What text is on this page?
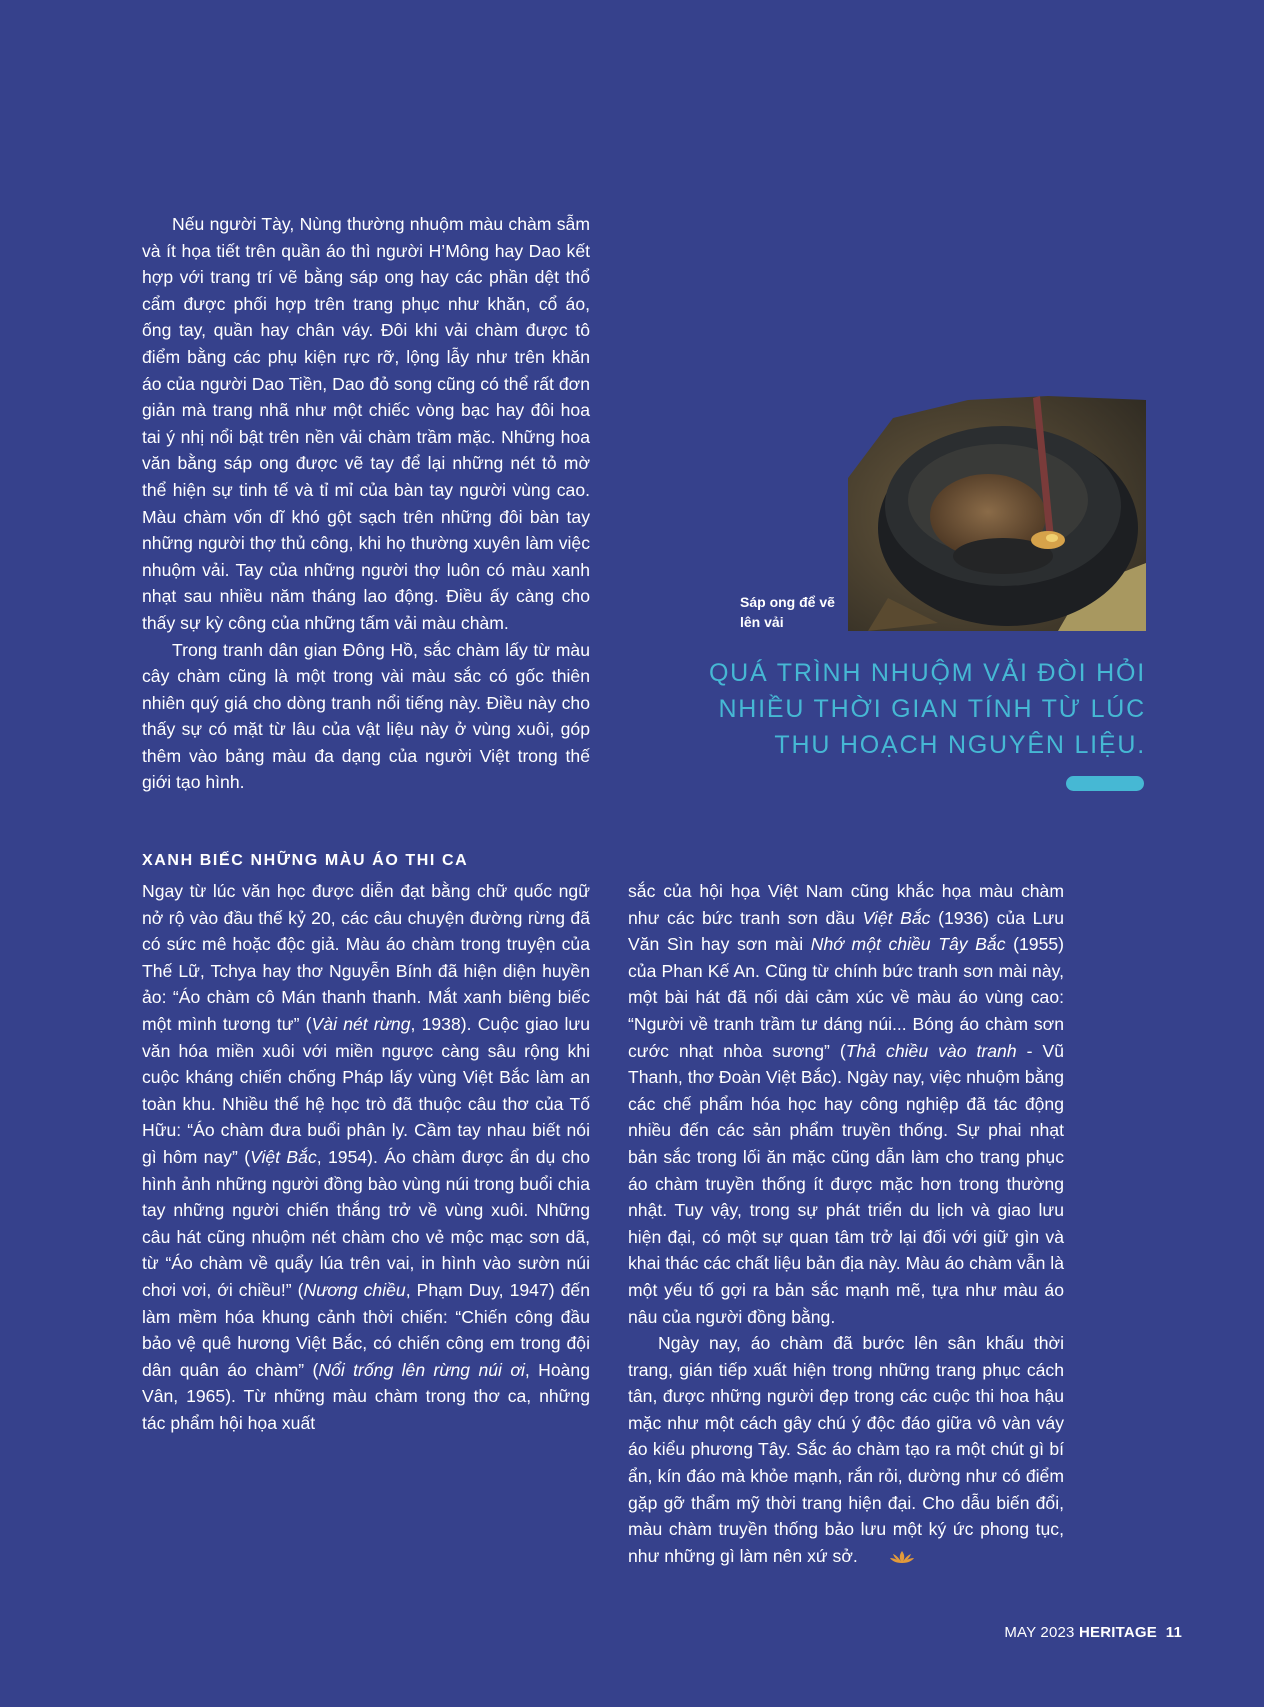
Nếu người Tày, Nùng thường nhuộm màu chàm sẫm và ít họa tiết trên quần áo thì người H’Mông hay Dao kết hợp với trang trí vẽ bằng sáp ong hay các phần dệt thổ cẩm được phối hợp trên trang phục như khăn, cổ áo, ống tay, quần hay chân váy. Đôi khi vải chàm được tô điểm bằng các phụ kiện rực rỡ, lộng lẫy như trên khăn áo của người Dao Tiền, Dao đỏ song cũng có thể rất đơn giản mà trang nhã như một chiếc vòng bạc hay đôi hoa tai ý nhị nổi bật trên nền vải chàm trầm mặc. Những hoa văn bằng sáp ong được vẽ tay để lại những nét tỏ mờ thể hiện sự tinh tế và tỉ mỉ của bàn tay người vùng cao. Màu chàm vốn dĩ khó gột sạch trên những đôi bàn tay những người thợ thủ công, khi họ thường xuyên làm việc nhuộm vải. Tay của những người thợ luôn có màu xanh nhạt sau nhiều năm tháng lao động. Điều ấy càng cho thấy sự kỳ công của những tấm vải màu chàm.

Trong tranh dân gian Đông Hồ, sắc chàm lấy từ màu cây chàm cũng là một trong vài màu sắc có gốc thiên nhiên quý giá cho dòng tranh nổi tiếng này. Điều này cho thấy sự có mặt từ lâu của vật liệu này ở vùng xuôi, góp thêm vào bảng màu đa dạng của người Việt trong thế giới tạo hình.

Sáp ong để vẽ lên vải
QUÁ TRÌNH NHUỘM VẢI ĐÒI HỎI NHIỀU THỜI GIAN TÍNH TỪ LÚC THU HOẠCH NGUYÊN LIỆU.
XANH BIẾC NHỮNG MÀU ÁO THI CA

Ngay từ lúc văn học được diễn đạt bằng chữ quốc ngữ nở rộ vào đầu thế kỷ 20, các câu chuyện đường rừng đã có sức mê hoặc độc giả. Màu áo chàm trong truyện của Thế Lữ, Tchya hay thơ Nguyễn Bính đã hiện diện huyền ảo: “Áo chàm cô Mán thanh thanh. Mắt xanh biêng biếc một mình tương tư” (Vài nét rừng, 1938). Cuộc giao lưu văn hóa miền xuôi với miền ngược càng sâu rộng khi cuộc kháng chiến chống Pháp lấy vùng Việt Bắc làm an toàn khu. Nhiều thế hệ học trò đã thuộc câu thơ của Tố Hữu: “Áo chàm đưa buổi phân ly. Cầm tay nhau biết nói gì hôm nay” (Việt Bắc, 1954). Áo chàm được ẩn dụ cho hình ảnh những người đồng bào vùng núi trong buổi chia tay những người chiến thắng trở về vùng xuôi. Những câu hát cũng nhuộm nét chàm cho vẻ mộc mạc sơn dã, từ “Áo chàm về quẩy lúa trên vai, in hình vào sườn núi chơi vơi, ới chiều!” (Nương chiều, Phạm Duy, 1947) đến làm mềm hóa khung cảnh thời chiến: “Chiến công đầu bảo vệ quê hương Việt Bắc, có chiến công em trong đội dân quân áo chàm” (Nổi trống lên rừng núi ơi, Hoàng Vân, 1965). Từ những màu chàm trong thơ ca, những tác phẩm hội họa xuất

sắc của hội họa Việt Nam cũng khắc họa màu chàm như các bức tranh sơn dầu Việt Bắc (1936) của Lưu Văn Sìn hay sơn mài Nhớ một chiều Tây Bắc (1955) của Phan Kế An. Cũng từ chính bức tranh sơn mài này, một bài hát đã nối dài cảm xúc về màu áo vùng cao: “Người về tranh trầm tư dáng núi... Bóng áo chàm sơn cước nhạt nhòa sương” (Thả chiều vào tranh - Vũ Thanh, thơ Đoàn Việt Bắc). Ngày nay, việc nhuộm bằng các chế phẩm hóa học hay công nghiệp đã tác động nhiều đến các sản phẩm truyền thống. Sự phai nhạt bản sắc trong lối ăn mặc cũng dẫn làm cho trang phục áo chàm truyền thống ít được mặc hơn trong thường nhật. Tuy vậy, trong sự phát triển du lịch và giao lưu hiện đại, có một sự quan tâm trở lại đối với giữ gìn và khai thác các chất liệu bản địa này. Màu áo chàm vẫn là một yếu tố gợi ra bản sắc mạnh mẽ, tựa như màu áo nâu của người đồng bằng.

Ngày nay, áo chàm đã bước lên sân khấu thời trang, gián tiếp xuất hiện trong những trang phục cách tân, được những người đẹp trong các cuộc thi hoa hậu mặc như một cách gây chú ý độc đáo giữa vô vàn váy áo kiểu phương Tây. Sắc áo chàm tạo ra một chút gì bí ẩn, kín đáo mà khỏe mạnh, rắn rỏi, dường như có điểm gặp gỡ thẩm mỹ thời trang hiện đại. Cho dẫu biến đổi, màu chàm truyền thống bảo lưu một ký ức phong tục, như những gì làm nên xứ sở.

MAY 2023 HERITAGE 11
